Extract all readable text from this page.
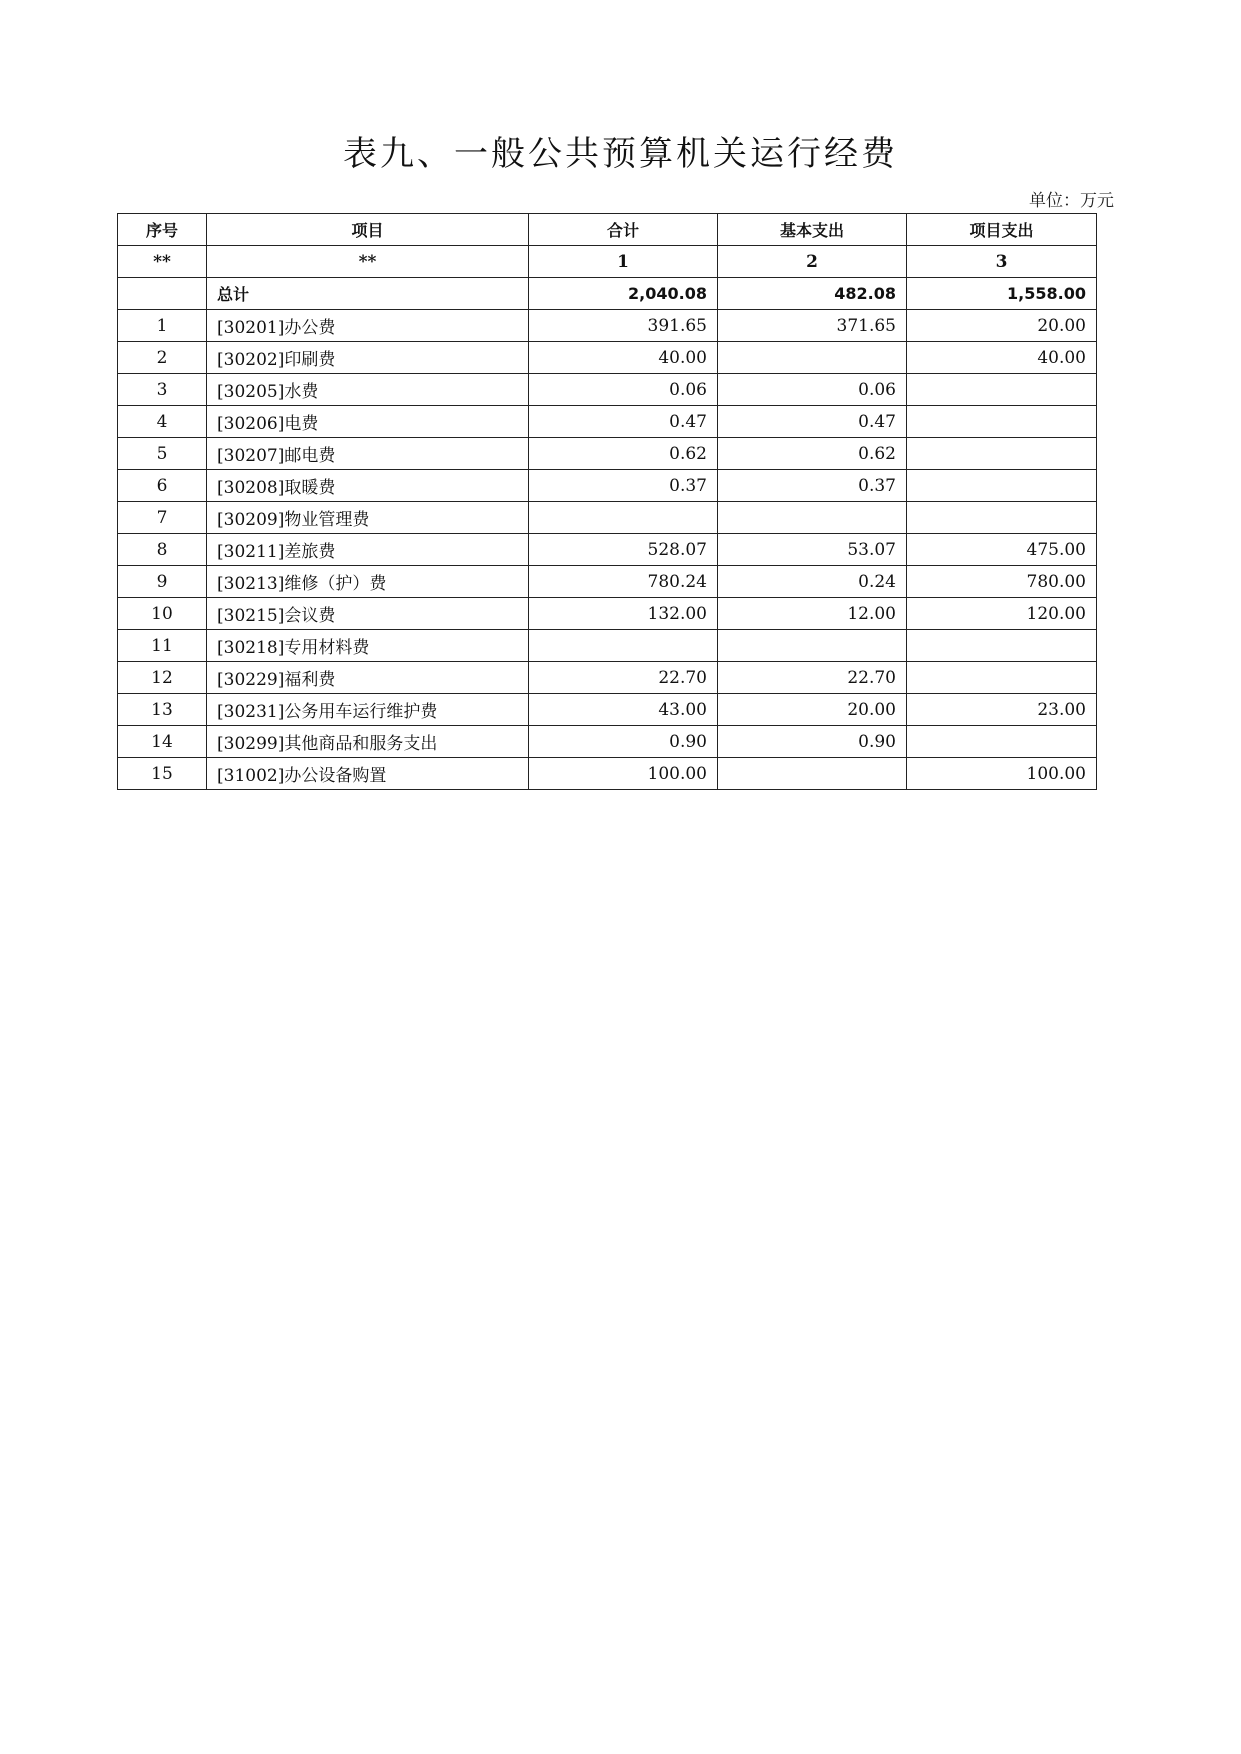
表九、一般公共预算机关运行经费
单位：万元
序号	项目	合计	基本支出	项目支出
**	**	1	2	3
	总计	2,040.08	482.08	1,558.00
1	[30201]办公费	391.65	371.65	20.00
2	[30202]印刷费	40.00		40.00
3	[30205]水费	0.06	0.06	
4	[30206]电费	0.47	0.47	
5	[30207]邮电费	0.62	0.62	
6	[30208]取暖费	0.37	0.37	
7	[30209]物业管理费			
8	[30211]差旅费	528.07	53.07	475.00
9	[30213]维修（护）费	780.24	0.24	780.00
10	[30215]会议费	132.00	12.00	120.00
11	[30218]专用材料费			
12	[30229]福利费	22.70	22.70	
13	[30231]公务用车运行维护费	43.00	20.00	23.00
14	[30299]其他商品和服务支出	0.90	0.90	
15	[31002]办公设备购置	100.00		100.00
